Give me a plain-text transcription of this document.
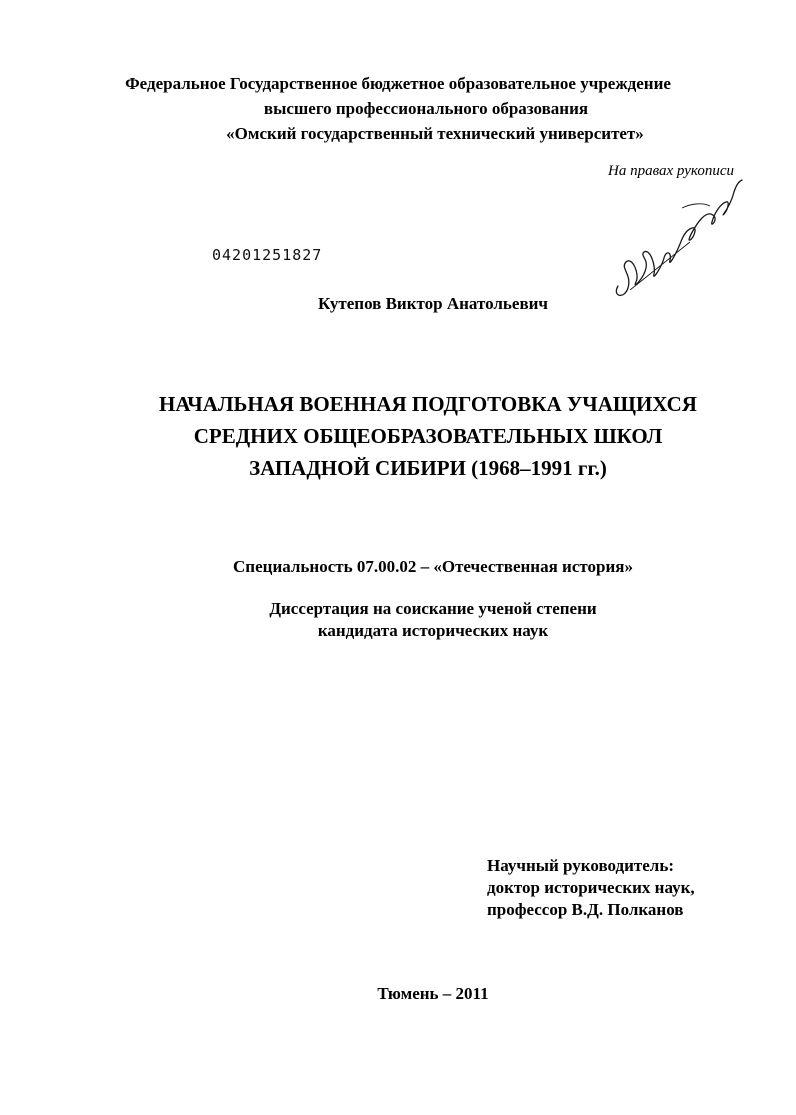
Федеральное Государственное бюджетное образовательное учреждение
высшего профессионального образования
«Омский государственный технический университет»
На правах рукописи
04201251827
Кутепов Виктор Анатольевич
НАЧАЛЬНАЯ ВОЕННАЯ ПОДГОТОВКА УЧАЩИХСЯ
СРЕДНИХ ОБЩЕОБРАЗОВАТЕЛЬНЫХ ШКОЛ
ЗАПАДНОЙ СИБИРИ (1968–1991 гг.)
Специальность 07.00.02 – «Отечественная история»
Диссертация на соискание ученой степени
кандидата исторических наук
Научный руководитель:
доктор исторических наук,
профессор В.Д. Полканов
Тюмень – 2011
